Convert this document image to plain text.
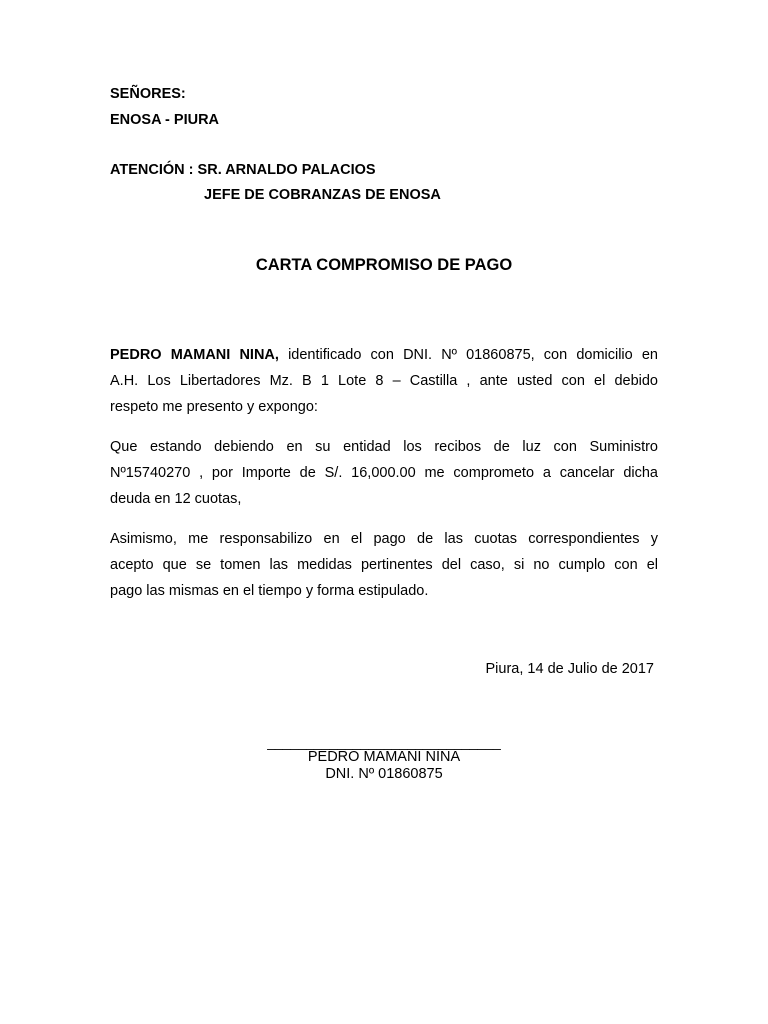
SEÑORES:
ENOSA - PIURA
ATENCIÓN : SR. ARNALDO PALACIOS
JEFE DE COBRANZAS DE ENOSA
CARTA COMPROMISO DE PAGO
PEDRO MAMANI NINA, identificado con DNI. Nº 01860875, con domicilio en
A.H. Los Libertadores Mz. B 1 Lote 8 – Castilla , ante usted con el debido
respeto me presento y expongo:
Que estando debiendo en su entidad los recibos de luz con Suministro
Nº15740270 , por Importe de S/. 16,000.00 me comprometo a cancelar dicha
deuda en 12 cuotas,
Asimismo, me responsabilizo en el pago de las cuotas correspondientes y
acepto que se tomen las medidas pertinentes del caso, si no cumplo con el
pago las mismas en el tiempo y forma estipulado.
Piura, 14 de Julio de 2017
______________________________
PEDRO MAMANI NINA
DNI. Nº 01860875
